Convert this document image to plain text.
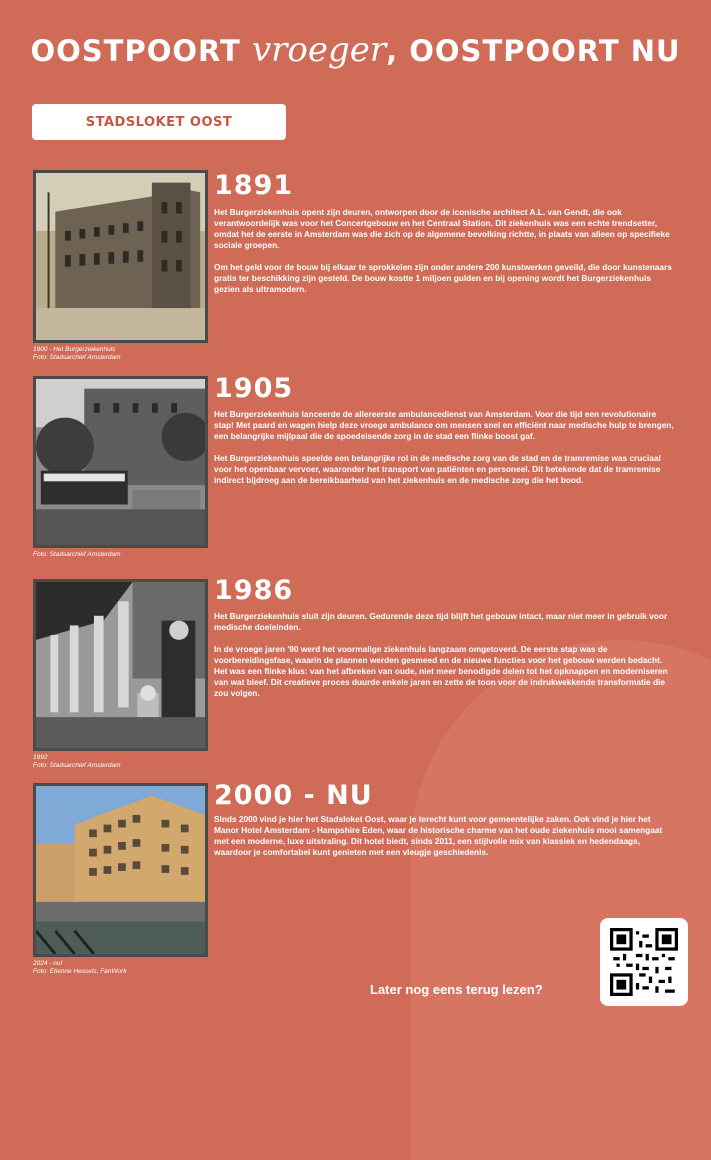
OOSTPOORT vroeger, OOSTPOORT NU
STADSLOKET OOST
1900 - Het Burgerziekenhuis
Foto: Stadsarchief Amsterdam
1891

Het Burgerziekenhuis opent zijn deuren, ontworpen door de iconische architect A.L. van Gendt, die ook verantwoordelijk was voor het Concertgebouw en het Centraal Station. Dit ziekenhuis was een echte trendsetter, omdat het de eerste in Amsterdam was die zich op de algemene bevolking richtte, in plaats van alleen op specifieke sociale groepen.

Om het geld voor de bouw bij elkaar te sprokkelen zijn onder andere 200 kunstwerken geveild, die door kunstenaars gratis ter beschikking zijn gesteld. De bouw kostte 1 miljoen gulden en bij opening wordt het Burgerziekenhuis gezien als ultramodern.

Foto: Stadsarchief Amsterdam
1905

Het Burgerziekenhuis lanceerde de allereerste ambulancedienst van Amsterdam. Voor die tijd een revolutionaire stap! Met paard en wagen hielp deze vroege ambulance om mensen snel en efficiënt naar medische hulp te brengen, een belangrijke mijlpaal die de spoedeisende zorg in de stad een flinke boost gaf.

Het Burgerziekenhuis speelde een belangrijke rol in de medische zorg van de stad en de tramremise was cruciaal voor het openbaar vervoer, waaronder het transport van patiënten en personeel. Dit betekende dat de tramremise indirect bijdroeg aan de bereikbaarheid van het ziekenhuis en de medische zorg die het bood.

1992
Foto: Stadsarchief Amsterdam
1986

Het Burgerziekenhuis sluit zijn deuren. Gedurende deze tijd blijft het gebouw intact, maar niet meer in gebruik voor medische doeleinden.

In de vroege jaren '90 werd het voormalige ziekenhuis langzaam omgetoverd. De eerste stap was de voorbereidingsfase, waarin de plannen werden gesmeed en de nieuwe functies voor het gebouw werden bedacht. Het was een flinke klus: van het afbreken van oude, niet meer benodigde delen tot het opknappen en moderniseren van wat bleef. Dit creatieve proces duurde enkele jaren en zette de toon voor de indrukwekkende transformatie die zou volgen.

2024 - nu!
Foto: Etienne Hessels, FanWork
2000 - NU

Sinds 2000 vind je hier het Stadsloket Oost, waar je terecht kunt voor gemeentelijke zaken. Ook vind je hier het Manor Hotel Amsterdam - Hampshire Eden, waar de historische charme van het oude ziekenhuis mooi samengaat met een moderne, luxe uitstraling. Dit hotel biedt, sinds 2011, een stijlvolle mix van klassiek en hedendaags, waardoor je comfortabel kunt genieten met een vleugje geschiedenis.

Later nog eens terug lezen?
